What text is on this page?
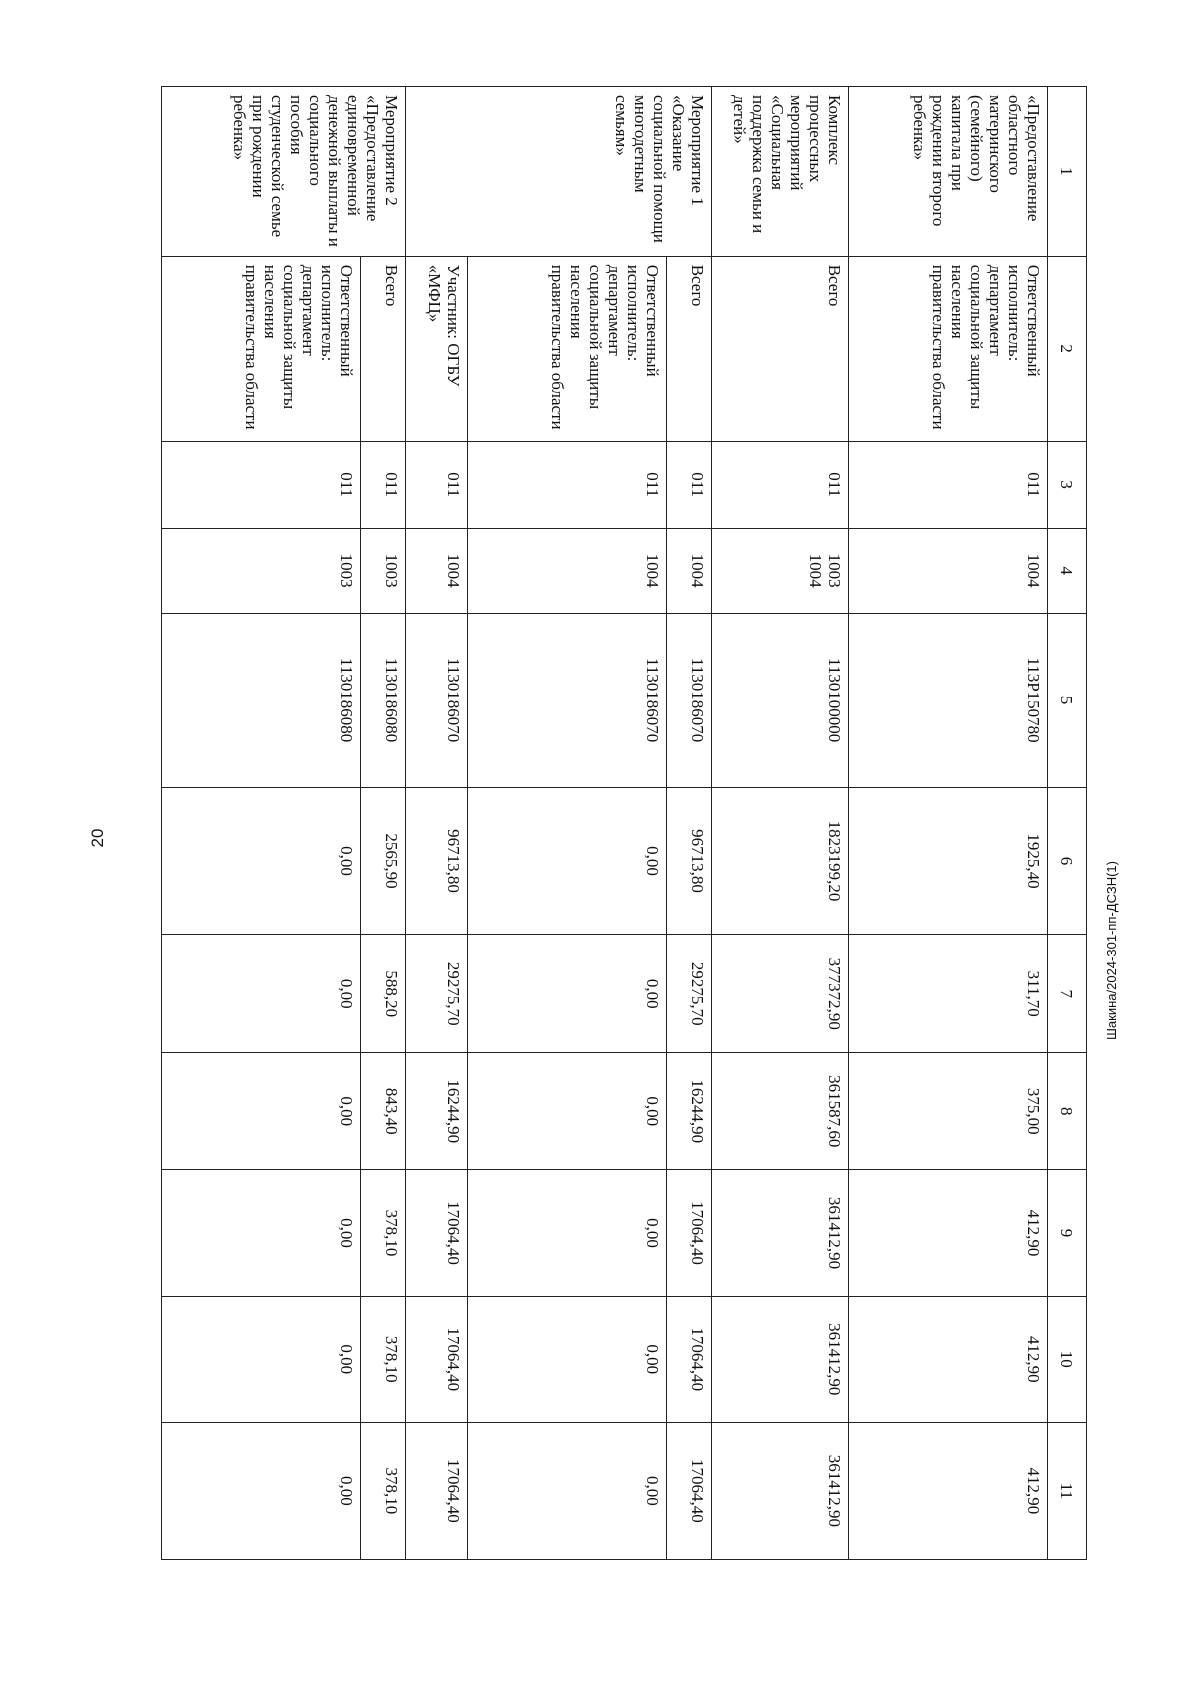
20
Шакина/2024-301-пп-ДСЗН(1)
1	2	3	4	5	6	7	8	9	10	11
«Предоставление областного материнского (семейного) капитала при рождении второго ребенка»	Ответственный исполнитель: департамент социальной защиты населения правительства области	011	1004	113P150780	1925,40	311,70	375,00	412,90	412,90	412,90
Комплекс процессных мероприятий «Социальная поддержка семьи и детей»	Всего	011	1003 1004	1130100000	1823199,20	377372,90	361587,60	361412,90	361412,90	361412,90
Мероприятие 1 «Оказание социальной помощи многодетным семьям»	Всего	011	1004	1130186070	96713,80	29275,70	16244,90	17064,40	17064,40	17064,40
	Ответственный исполнитель: департамент социальной защиты населения правительства области	011	1004	1130186070	0,00	0,00	0,00	0,00	0,00	0,00
	Участник: ОГБУ «МФЦ»	011	1004	1130186070	96713,80	29275,70	16244,90	17064,40	17064,40	17064,40
Мероприятие 2 «Предоставление единовременной денежной выплаты и социального пособия студенческой семье при рождении ребенка»	Всего	011	1003	1130186080	2565,90	588,20	843,40	378,10	378,10	378,10
	Ответственный исполнитель: департамент социальной защиты населения правительства области	011	1003	1130186080	0,00	0,00	0,00	0,00	0,00	0,00
